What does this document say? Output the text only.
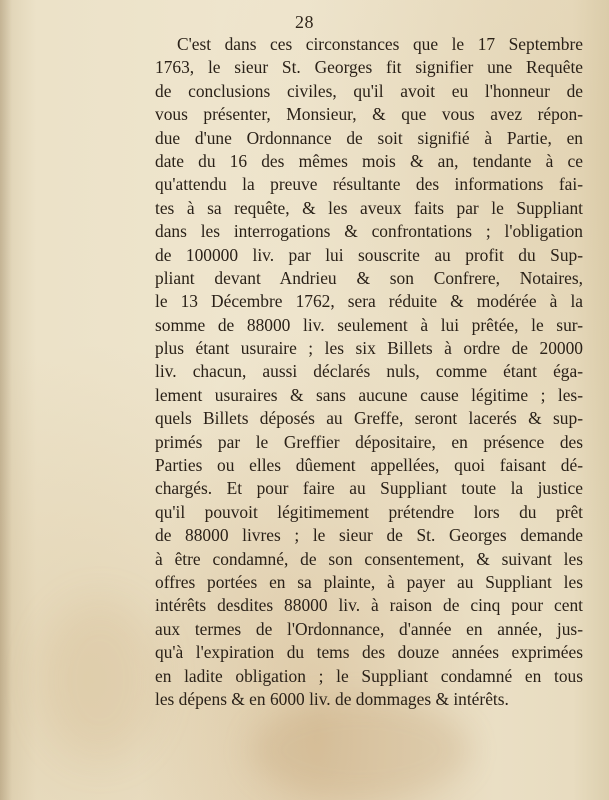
28
C'est dans ces circonstances que le 17 Septembre
1763, le sieur St. Georges fit signifier une Requête
de conclusions civiles, qu'il avoit eu l'honneur de
vous présenter, Monsieur, & que vous avez répon-
due d'une Ordonnance de soit signifié à Partie, en
date du 16 des mêmes mois & an, tendante à ce
qu'attendu la preuve résultante des informations fai-
tes à sa requête, & les aveux faits par le Suppliant
dans les interrogations & confrontations ; l'obligation
de 100000 liv. par lui souscrite au profit du Sup-
pliant devant Andrieu & son Confrere, Notaires,
le 13 Décembre 1762, sera réduite & modérée à la
somme de 88000 liv. seulement à lui prêtée, le sur-
plus étant usuraire ; les six Billets à ordre de 20000
liv. chacun, aussi déclarés nuls, comme étant éga-
lement usuraires & sans aucune cause légitime ; les-
quels Billets déposés au Greffe, seront lacerés & sup-
primés par le Greffier dépositaire, en présence des
Parties ou elles dûement appellées, quoi faisant dé-
chargés. Et pour faire au Suppliant toute la justice
qu'il pouvoit légitimement prétendre lors du prêt
de 88000 livres ; le sieur de St. Georges demande
à être condamné, de son consentement, & suivant les
offres portées en sa plainte, à payer au Suppliant les
intérêts desdites 88000 liv. à raison de cinq pour cent
aux termes de l'Ordonnance, d'année en année, jus-
qu'à l'expiration du tems des douze années exprimées
en ladite obligation ; le Suppliant condamné en tous
les dépens & en 6000 liv. de dommages & intérêts.
